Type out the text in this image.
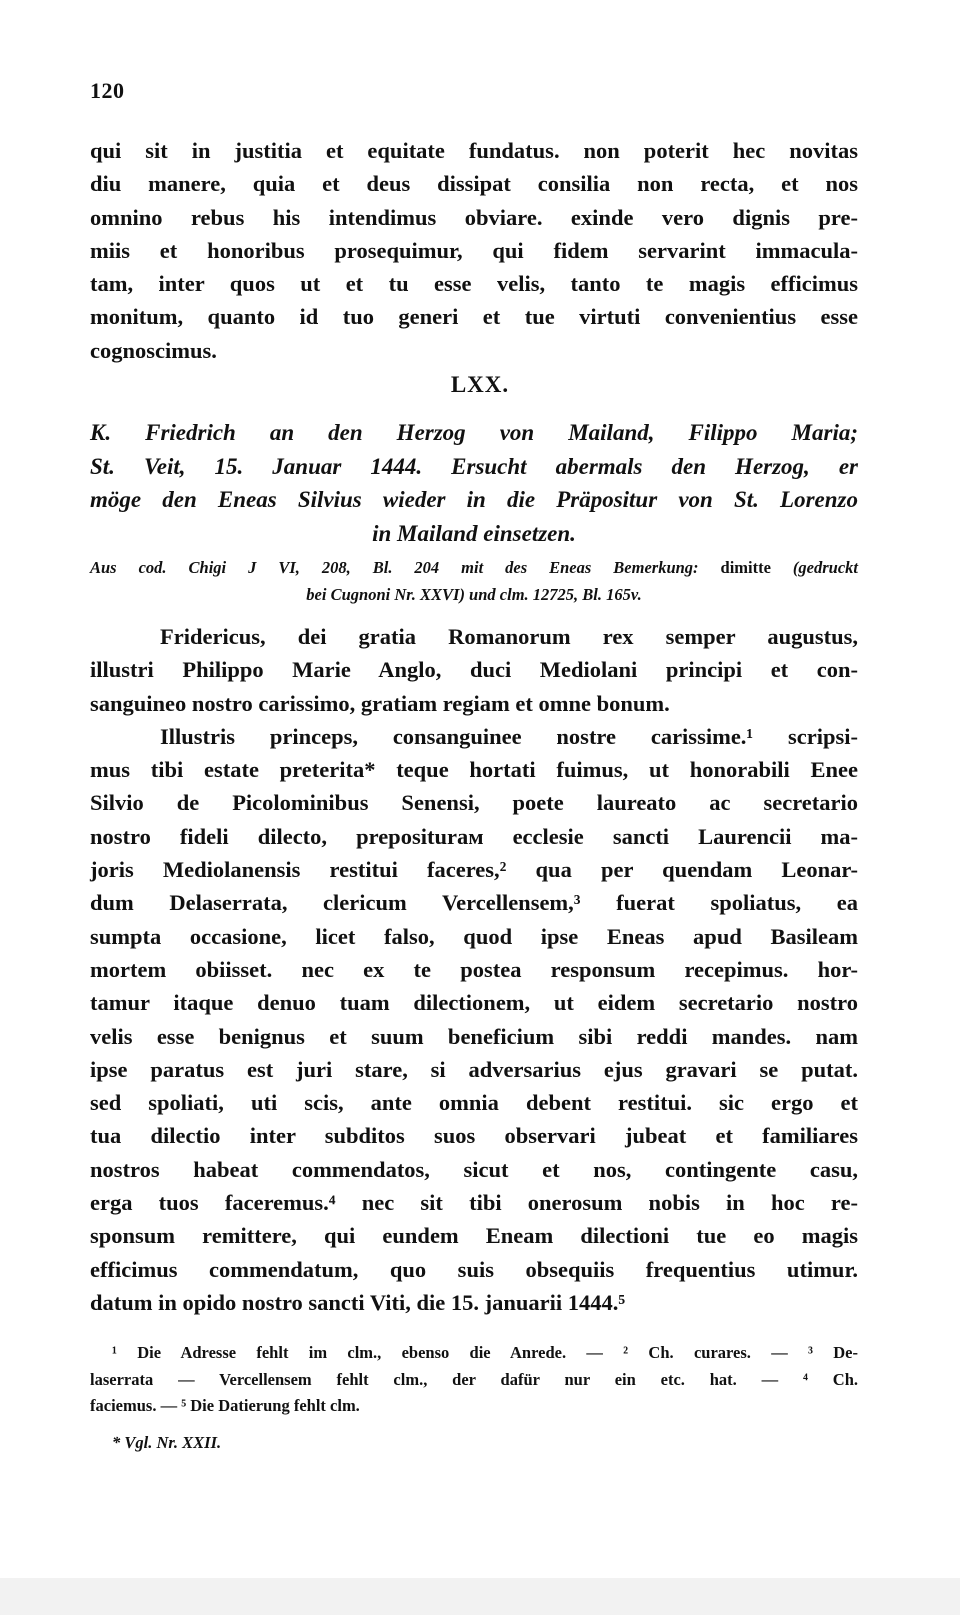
120
qui sit in justitia et equitate fundatus. non poterit hec novitas
diu manere, quia et deus dissipat consilia non recta, et nos
omnino rebus his intendimus obviare. exinde vero dignis pre-
miis et honoribus prosequimur, qui fidem servarint immacula-
tam, inter quos ut et tu esse velis, tanto te magis efficimus
monitum, quanto id tuo generi et tue virtuti convenientius esse
cognoscimus.
LXX.
K. Friedrich an den Herzog von Mailand, Filippo Maria;
St. Veit, 15. Januar 1444. Ersucht abermals den Herzog, er
möge den Eneas Silvius wieder in die Präpositur von St. Lorenzo
in Mailand einsetzen.
Aus cod. Chigi J VI, 208, Bl. 204 mit des Eneas Bemerkung: dimitte (gedruckt
bei Cugnoni Nr. XXVI) und clm. 12725, Bl. 165v.
Fridericus, dei gratia Romanorum rex semper augustus,
illustri Philippo Marie Anglo, duci Mediolani principi et con-
sanguineo nostro carissimo, gratiam regiam et omne bonum.
Illustris princeps, consanguinee nostre carissime.¹ scripsi-
mus tibi estate preterita* teque hortati fuimus, ut honorabili Enee
Silvio de Picolominibus Senensi, poete laureato ac secretario
nostro fideli dilecto, prepositurам ecclesie sancti Laurencii ma-
joris Mediolanensis restitui faceres,² qua per quendam Leonar-
dum Delaserrata, clericum Vercellensem,³ fuerat spoliatus, ea
sumpta occasione, licet falso, quod ipse Eneas apud Basileam
mortem obiisset. nec ex te postea responsum recepimus. hor-
tamur itaque denuo tuam dilectionem, ut eidem secretario nostro
velis esse benignus et suum beneficium sibi reddi mandes. nam
ipse paratus est juri stare, si adversarius ejus gravari se putat.
sed spoliati, uti scis, ante omnia debent restitui. sic ergo et
tua dilectio inter subditos suos observari jubeat et familiares
nostros habeat commendatos, sicut et nos, contingente casu,
erga tuos faceremus.⁴ nec sit tibi onerosum nobis in hoc re-
sponsum remittere, qui eundem Eneam dilectioni tue eo magis
efficimus commendatum, quo suis obsequiis frequentius utimur.
datum in opido nostro sancti Viti, die 15. januarii 1444.⁵
¹ Die Adresse fehlt im clm., ebenso die Anrede. — ² Ch. curares. — ³ De-
laserrata — Vercellensem fehlt clm., der dafür nur ein etc. hat. — ⁴ Ch.
faciemus. — ⁵ Die Datierung fehlt clm.
* Vgl. Nr. XXII.
